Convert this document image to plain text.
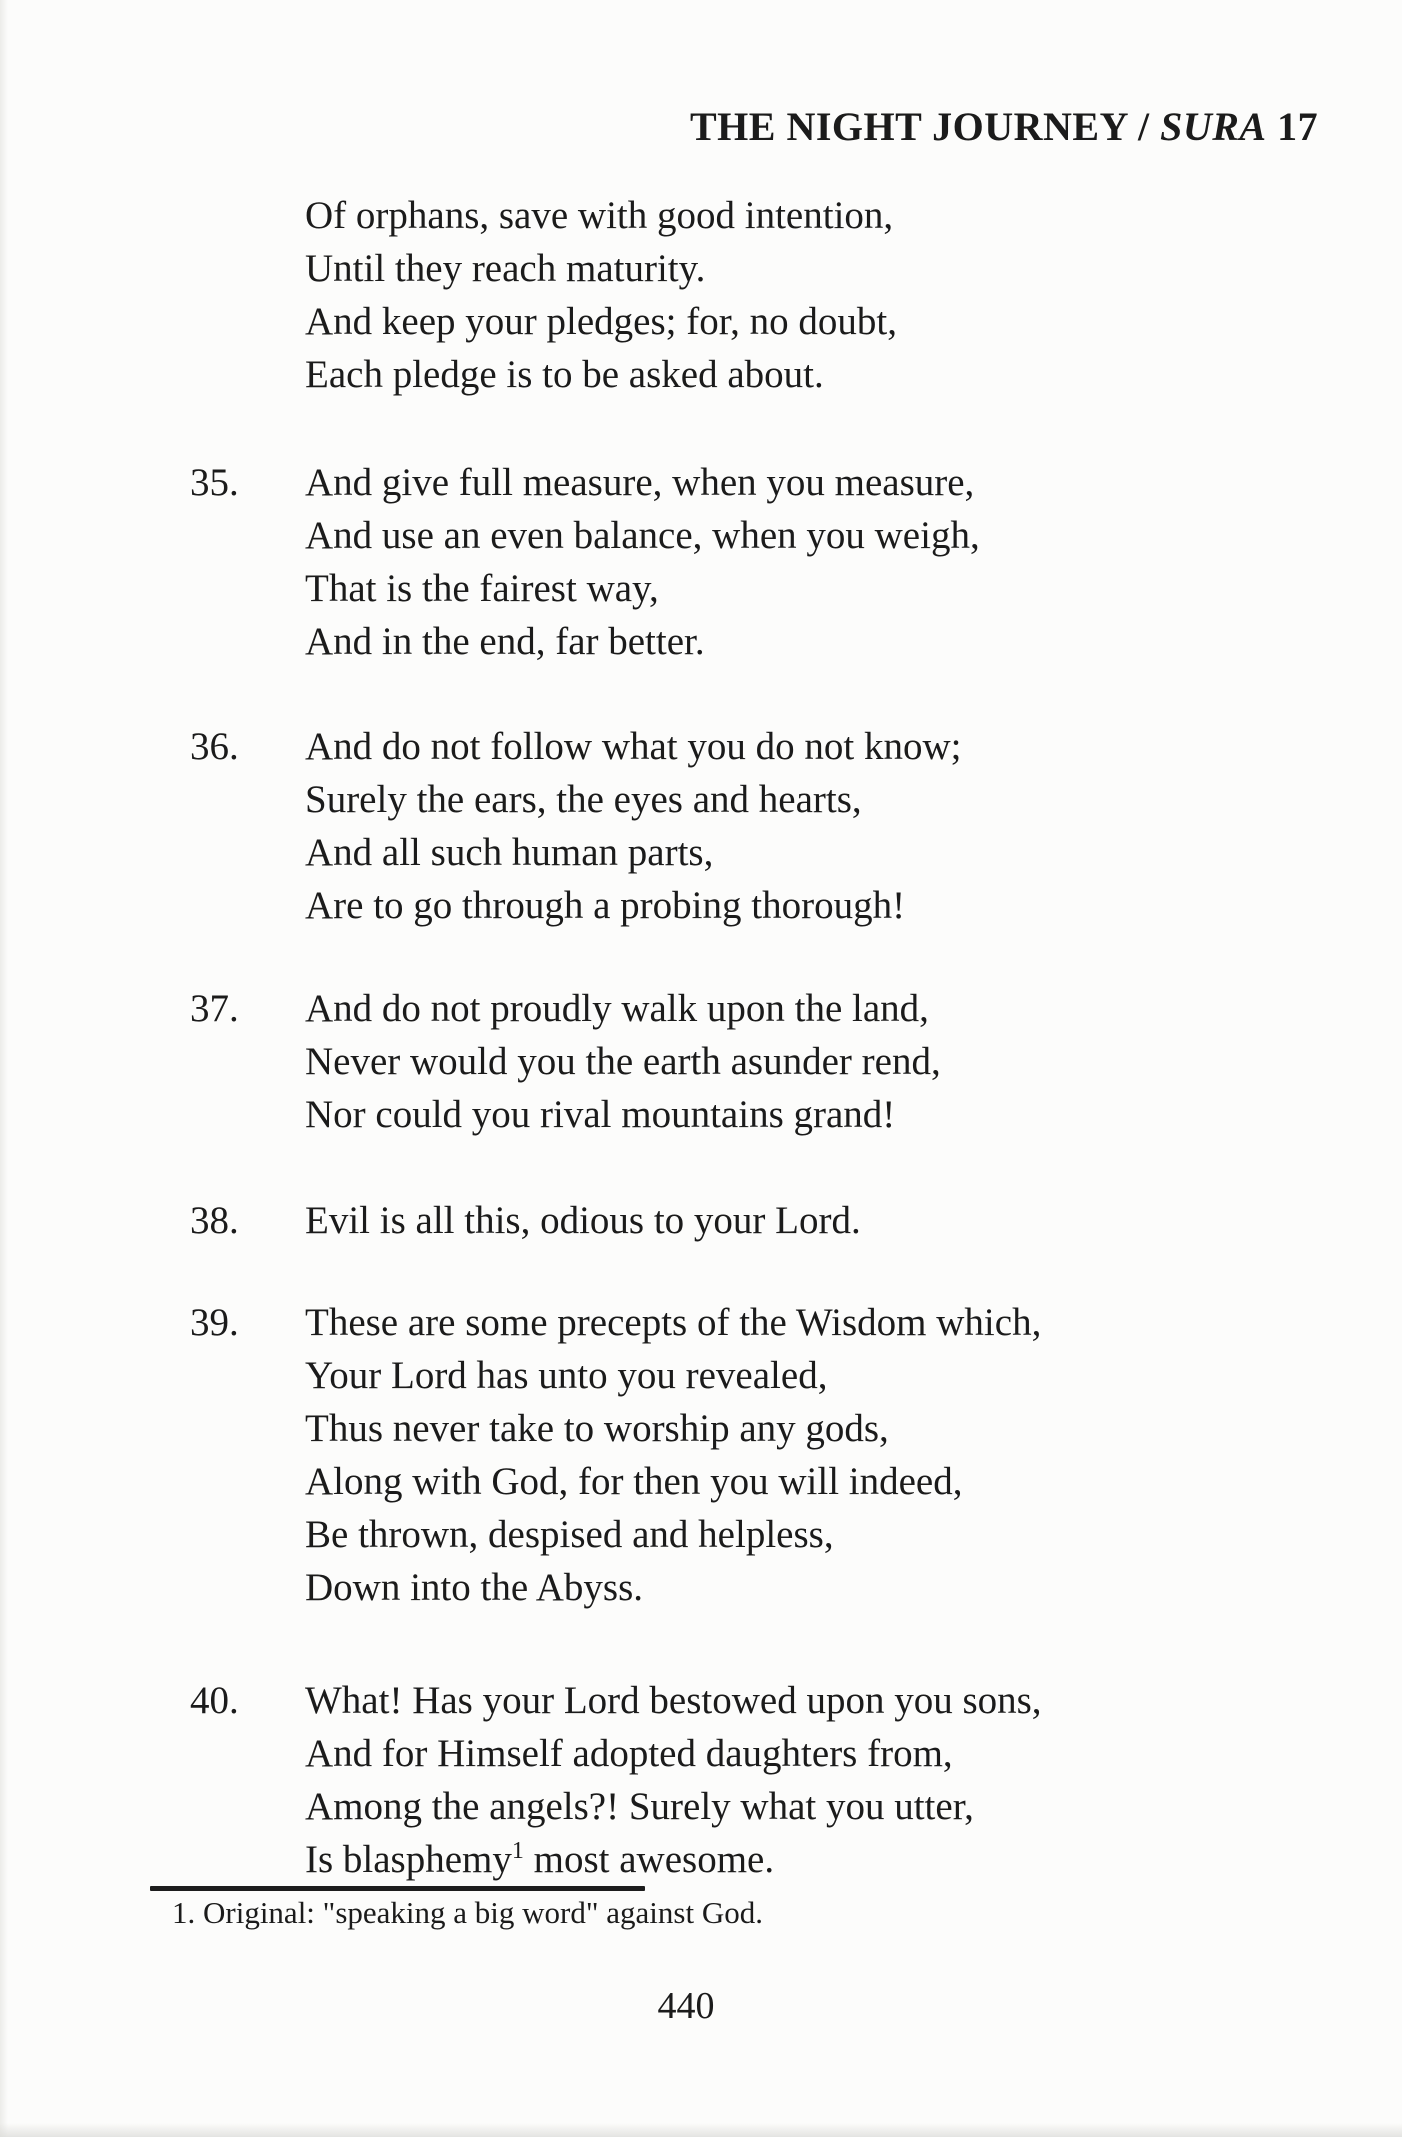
THE NIGHT JOURNEY / SURA 17
Of orphans, save with good intention,
Until they reach maturity.
And keep your pledges; for, no doubt,
Each pledge is to be asked about.
35. And give full measure, when you measure,
And use an even balance, when you weigh,
That is the fairest way,
And in the end, far better.
36. And do not follow what you do not know;
Surely the ears, the eyes and hearts,
And all such human parts,
Are to go through a probing thorough!
37. And do not proudly walk upon the land,
Never would you the earth asunder rend,
Nor could you rival mountains grand!
38. Evil is all this, odious to your Lord.
39. These are some precepts of the Wisdom which,
Your Lord has unto you revealed,
Thus never take to worship any gods,
Along with God, for then you will indeed,
Be thrown, despised and helpless,
Down into the Abyss.
40. What! Has your Lord bestowed upon you sons,
And for Himself adopted daughters from,
Among the angels?! Surely what you utter,
Is blasphemy$^1$ most awesome.
1. Original: "speaking a big word" against God.
440
